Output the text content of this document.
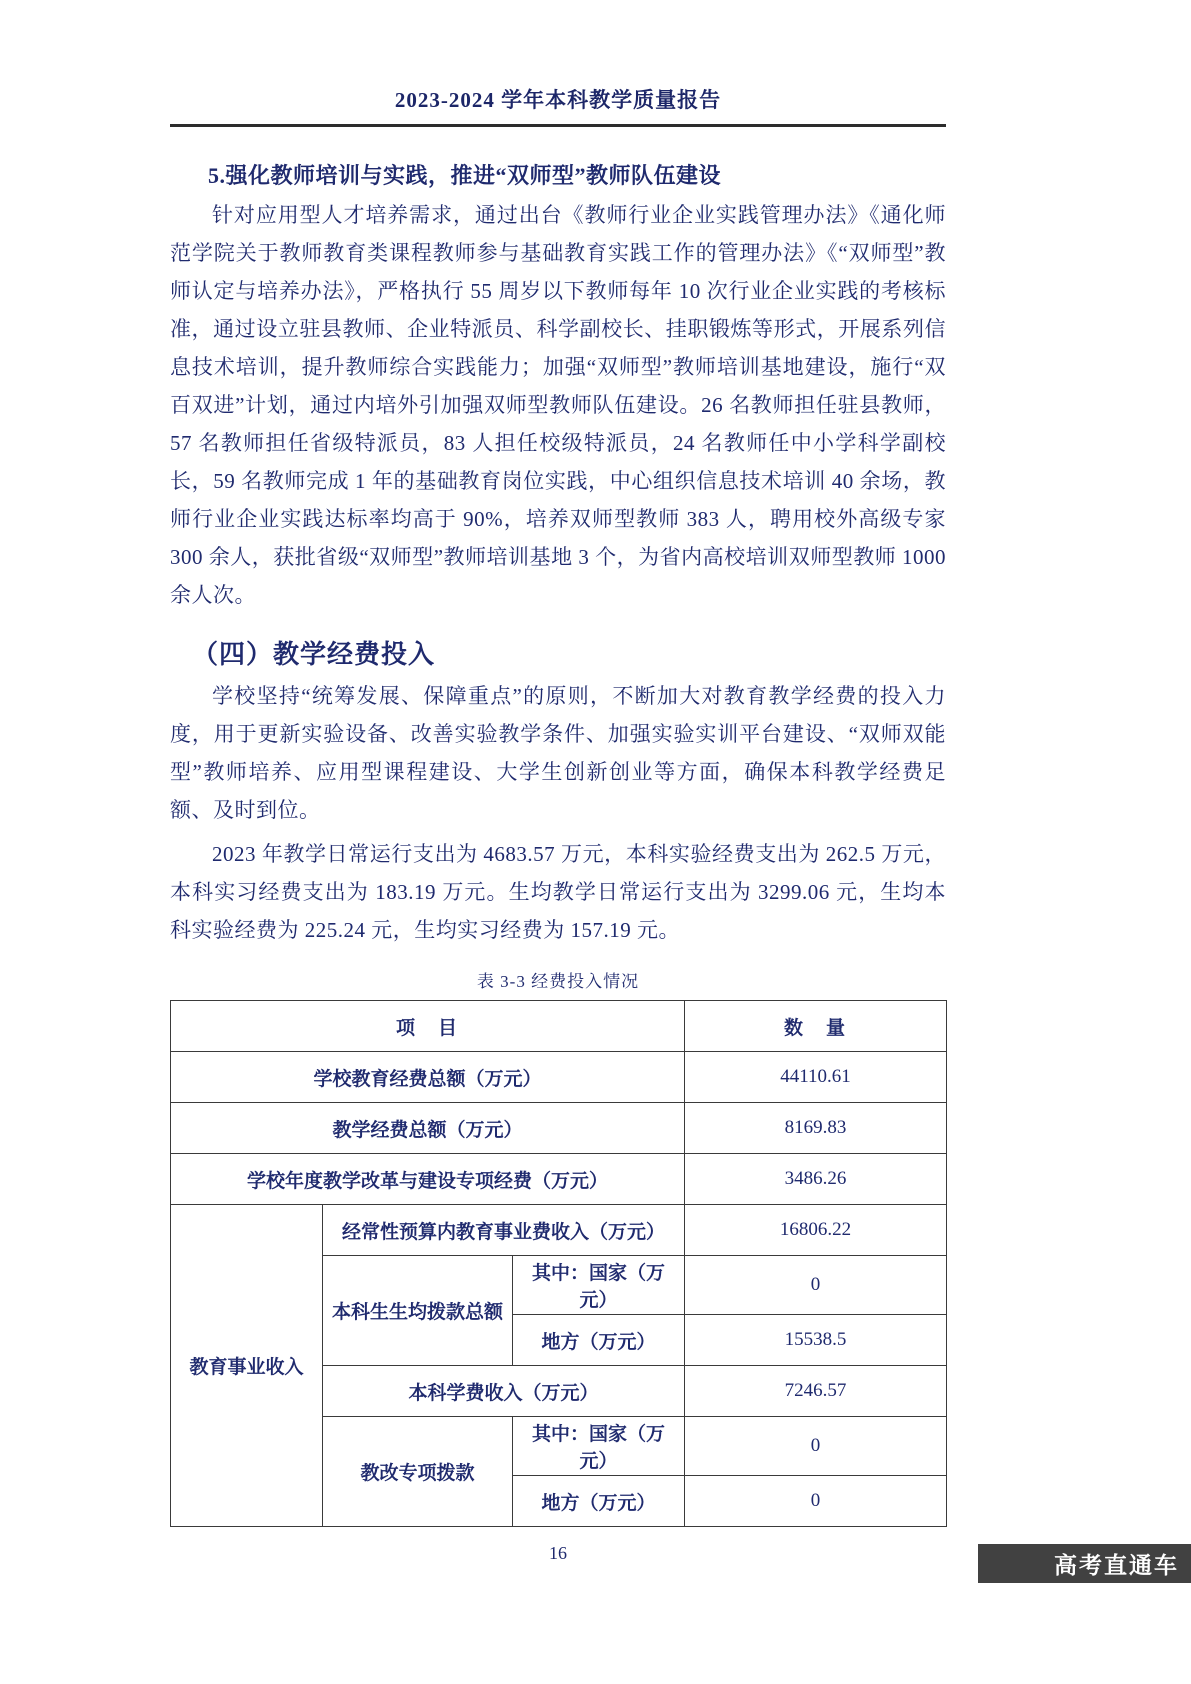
2023-2024 学年本科教学质量报告
5.强化教师培训与实践，推进“双师型”教师队伍建设

针对应用型人才培养需求，通过出台《教师行业企业实践管理办法》《通化师范学院关于教师教育类课程教师参与基础教育实践工作的管理办法》《“双师型”教师认定与培养办法》，严格执行 55 周岁以下教师每年 10 次行业企业实践的考核标准，通过设立驻县教师、企业特派员、科学副校长、挂职锻炼等形式，开展系列信息技术培训，提升教师综合实践能力；加强“双师型”教师培训基地建设，施行“双百双进”计划，通过内培外引加强双师型教师队伍建设。26 名教师担任驻县教师，57 名教师担任省级特派员，83 人担任校级特派员，24 名教师任中小学科学副校长，59 名教师完成 1 年的基础教育岗位实践，中心组织信息技术培训 40 余场，教师行业企业实践达标率均高于 90%，培养双师型教师 383 人，聘用校外高级专家 300 余人，获批省级“双师型”教师培训基地 3 个，为省内高校培训双师型教师 1000 余人次。

（四）教学经费投入

学校坚持“统筹发展、保障重点”的原则，不断加大对教育教学经费的投入力度，用于更新实验设备、改善实验教学条件、加强实验实训平台建设、“双师双能型”教师培养、应用型课程建设、大学生创新创业等方面，确保本科教学经费足额、及时到位。

2023 年教学日常运行支出为 4683.57 万元，本科实验经费支出为 262.5 万元，本科实习经费支出为 183.19 万元。生均教学日常运行支出为 3299.06 元，生均本科实验经费为 225.24 元，生均实习经费为 157.19 元。

表 3-3 经费投入情况
项　目			数　量
学校教育经费总额（万元）			44110.61
教学经费总额（万元）			8169.83
学校年度教学改革与建设专项经费（万元）			3486.26
教育事业收入	经常性预算内教育事业费收入（万元）		16806.22
	本科生生均拨款总额	其中：国家（万元）	0
		地方（万元）	15538.5
	本科学费收入（万元）		7246.57
	教改专项拨款	其中：国家（万元）	0
		地方（万元）	0
16	高考直通车
